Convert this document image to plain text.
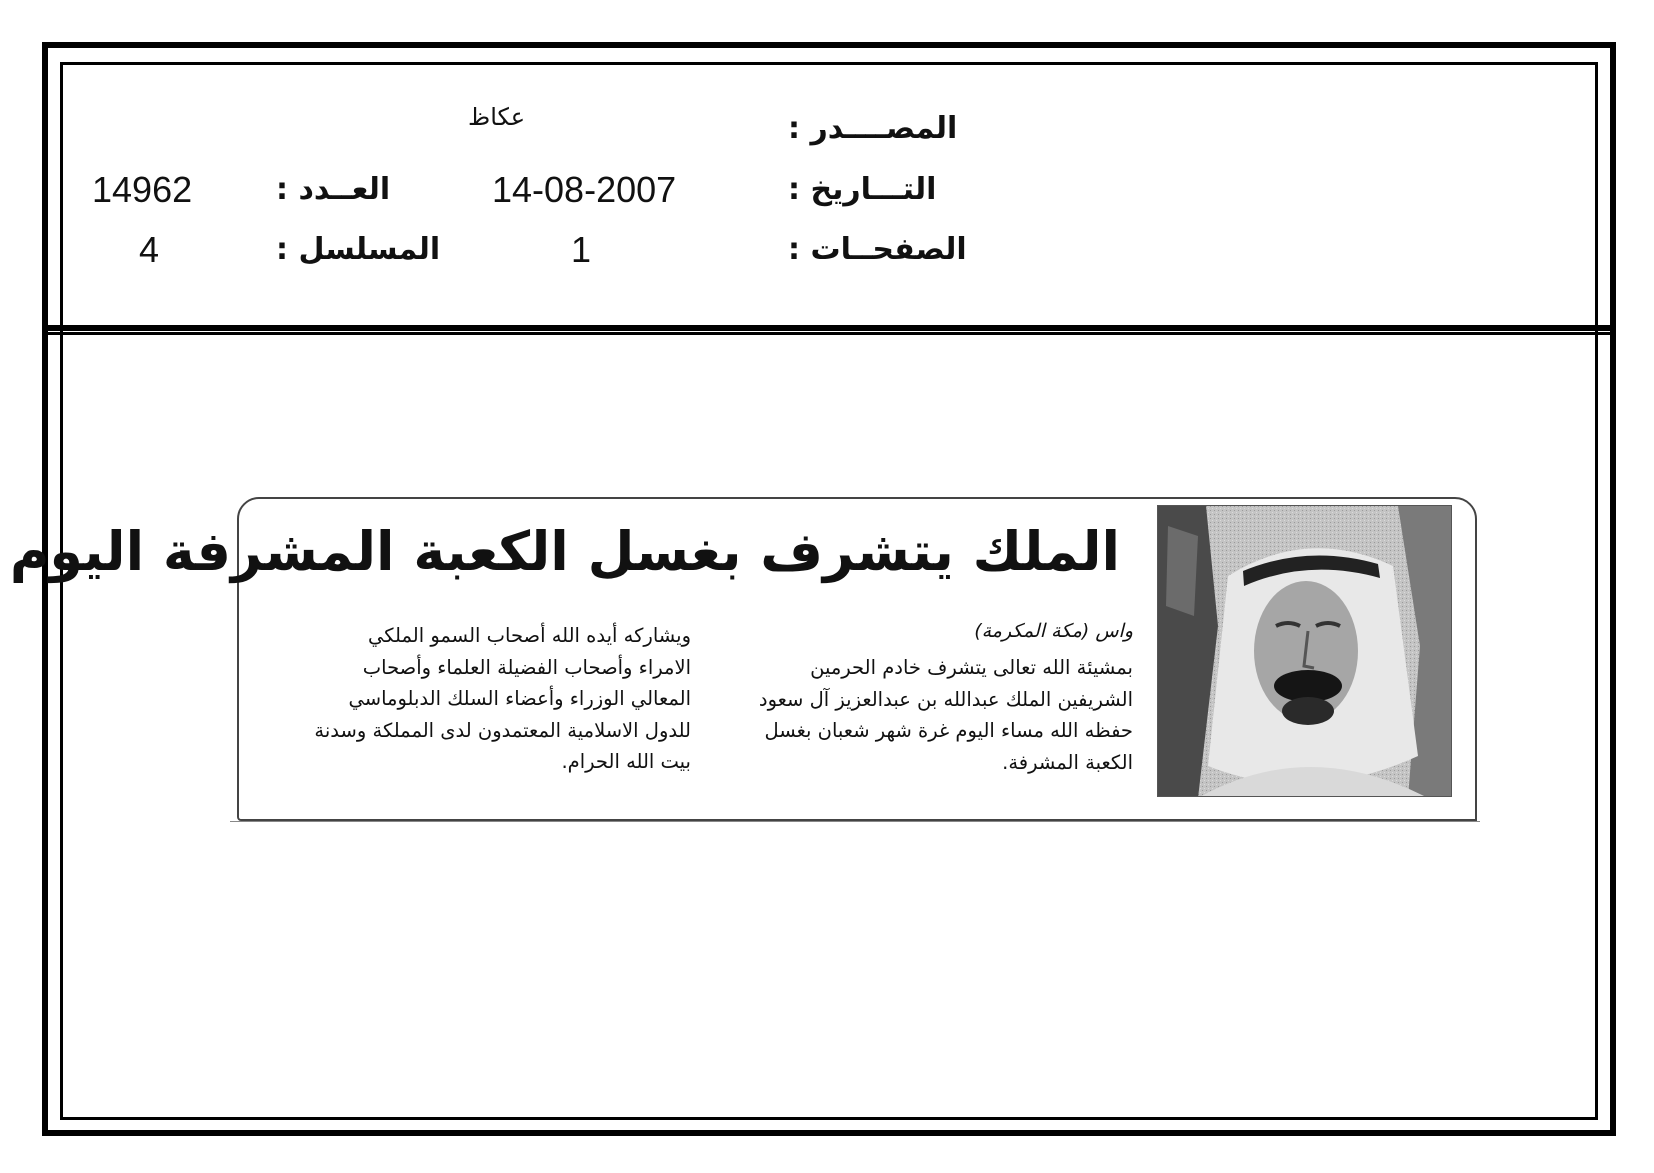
المصــــدر :
عكاظ
التـــاريخ :
14-08-2007
الصفحــات :
1
العــدد :
14962
المسلسل :
4
الملك يتشرف بغسل الكعبة المشرفة اليوم
واس (مكة المكرمة)
بمشيئة الله تعالى يتشرف خادم الحرمين
الشريفين الملك عبدالله بن عبدالعزيز آل سعود
حفظه الله مساء اليوم غرة شهر شعبان بغسل
الكعبة المشرفة.
ويشاركه أيده الله أصحاب السمو الملكي
الامراء وأصحاب الفضيلة العلماء وأصحاب
المعالي الوزراء وأعضاء السلك الدبلوماسي
للدول الاسلامية المعتمدون لدى المملكة وسدنة
بيت الله الحرام.
